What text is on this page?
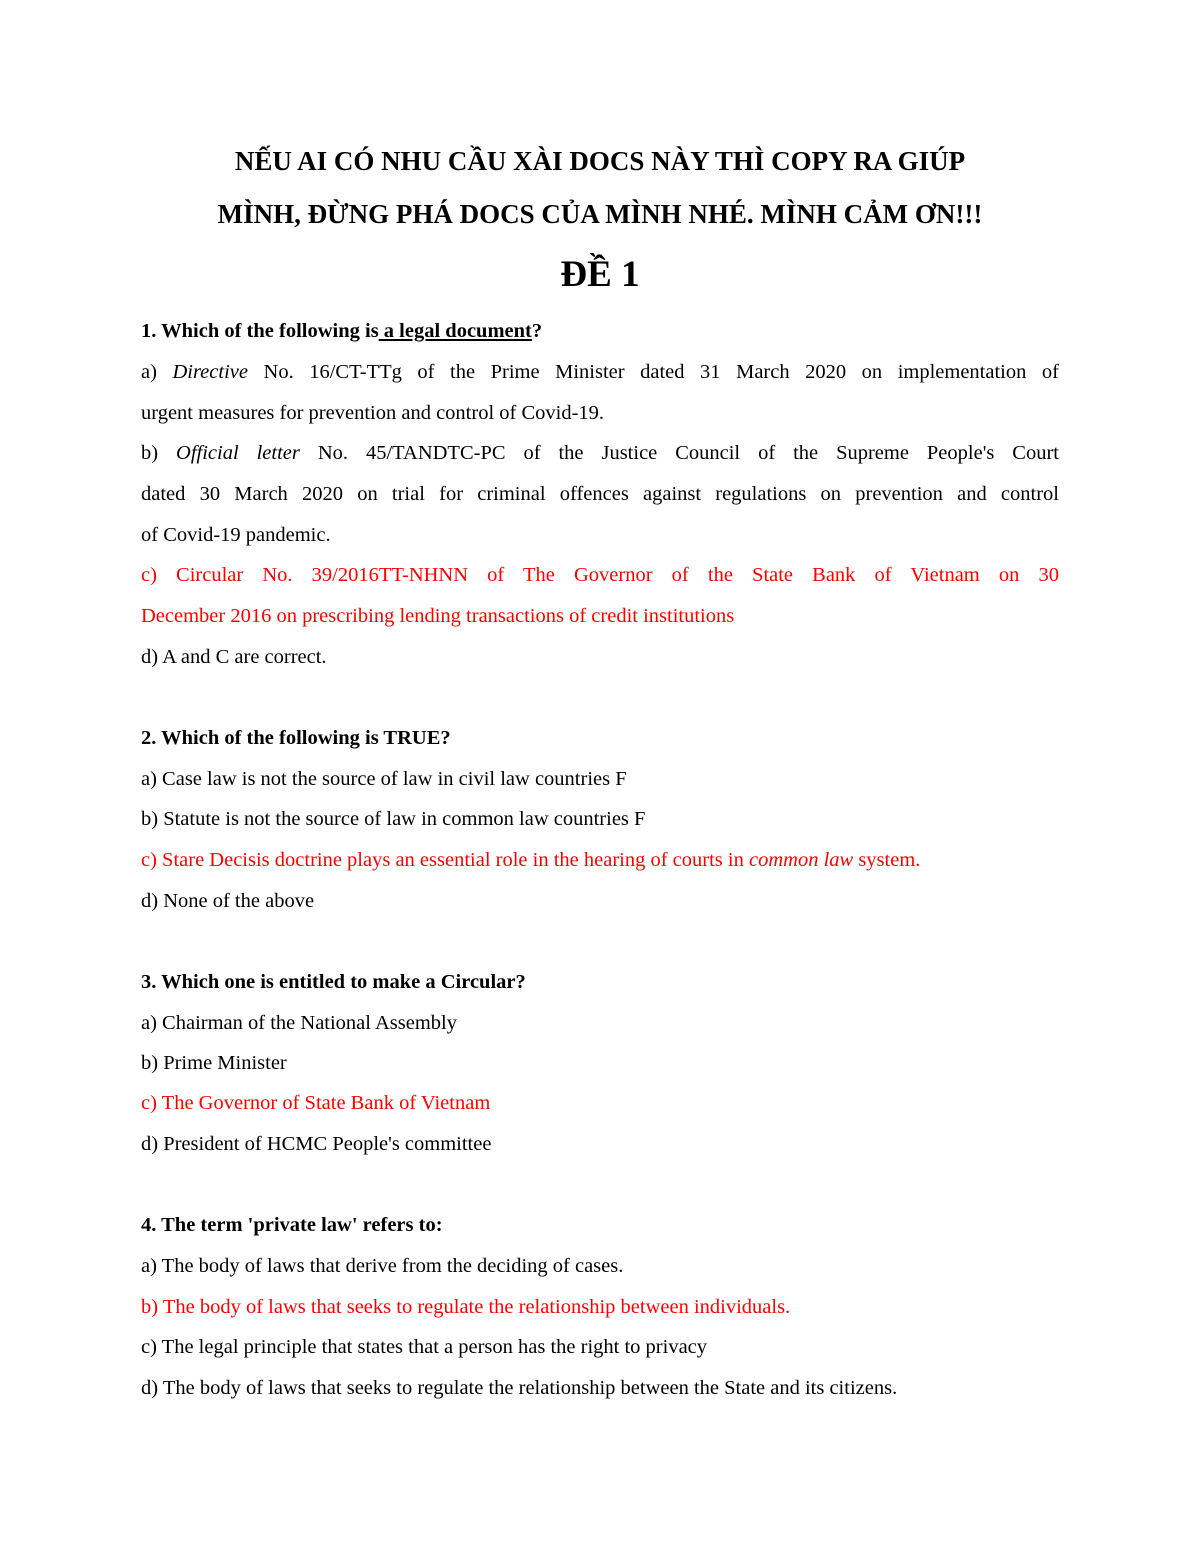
NẾU AI CÓ NHU CẦU XÀI DOCS NÀY THÌ COPY RA GIÚP
MÌNH, ĐỪNG PHÁ DOCS CỦA MÌNH NHÉ. MÌNH CẢM ƠN!!!
ĐỀ 1
1. Which of the following is a legal document?
a) Directive No. 16/CT-TTg of the Prime Minister dated 31 March 2020 on implementation of
urgent measures for prevention and control of Covid-19.
b) Official letter No. 45/TANDTC-PC of the Justice Council of the Supreme People's Court
dated 30 March 2020 on trial for criminal offences against regulations on prevention and control
of Covid-19 pandemic.
c) Circular No. 39/2016TT-NHNN of The Governor of the State Bank of Vietnam on 30
December 2016 on prescribing lending transactions of credit institutions
d) A and C are correct.
2. Which of the following is TRUE?
a) Case law is not the source of law in civil law countries F
b) Statute is not the source of law in common law countries F
c) Stare Decisis doctrine plays an essential role in the hearing of courts in common law system.
d) None of the above
3. Which one is entitled to make a Circular?
a) Chairman of the National Assembly
b) Prime Minister
c) The Governor of State Bank of Vietnam
d) President of HCMC People's committee
4. The term 'private law' refers to:
a) The body of laws that derive from the deciding of cases.
b) The body of laws that seeks to regulate the relationship between individuals.
c) The legal principle that states that a person has the right to privacy
d) The body of laws that seeks to regulate the relationship between the State and its citizens.
